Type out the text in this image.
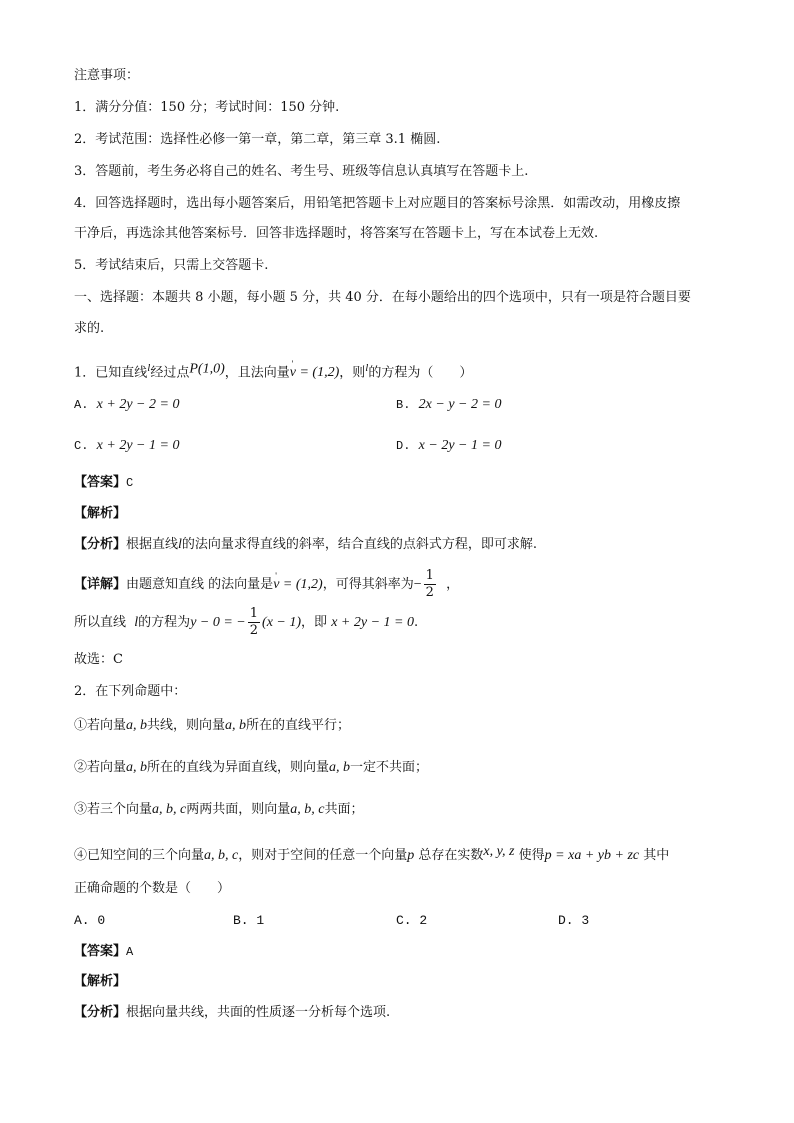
注意事项：
1．满分分值：150 分；考试时间：150 分钟.
2．考试范围：选择性必修一第一章，第二章，第三章 3.1 椭圆.
3．答题前，考生务必将自己的姓名、考生号、班级等信息认真填写在答题卡上.
4．回答选择题时，选出每小题答案后，用铅笔把答题卡上对应题目的答案标号涂黑．如需改动，用橡皮擦
干净后，再选涂其他答案标号．回答非选择题时，将答案写在答题卡上，写在本试卷上无效.
5．考试结束后，只需上交答题卡.
一、选择题：本题共 8 小题，每小题 5 分，共 40 分．在每小题给出的四个选项中，只有一项是符合题目要
求的.
1．已知直线$^l$经过点P(1,0)，且法向量' v = (1,2)，则$^l$的方程为（　　）
A. x + 2y − 2 = 0	B. 2x − y − 2 = 0
C. x + 2y − 1 = 0	D. x − 2y − 1 = 0
【答案】C
【解析】
【分析】根据直线l的法向量求得直线的斜率，结合直线的点斜式方程，即可求解.
【详解】由题意知直线 的法向量是' v = (1,2)，可得其斜率为− $\frac{1}{2}$ ，
所以直线 l的方程为y − 0 = − $\frac{1}{2} (x - 1)$，即 x + 2y − 1 = 0.
故选：C
2．在下列命题中：
①若向量a, b共线，则向量a, b所在的直线平行；
②若向量a, b所在的直线为异面直线，则向量a, b一定不共面；
③若三个向量a, b, c两两共面，则向量a, b, c共面；
④已知空间的三个向量a, b, c，则对于空间的任意一个向量p 总存在实数x, y, z 使得p = xa + yb + zc 其中
正确命题的个数是（　　）
A. 0	B. 1	C. 2	D. 3
【答案】A
【解析】
【分析】根据向量共线，共面的性质逐一分析每个选项.
